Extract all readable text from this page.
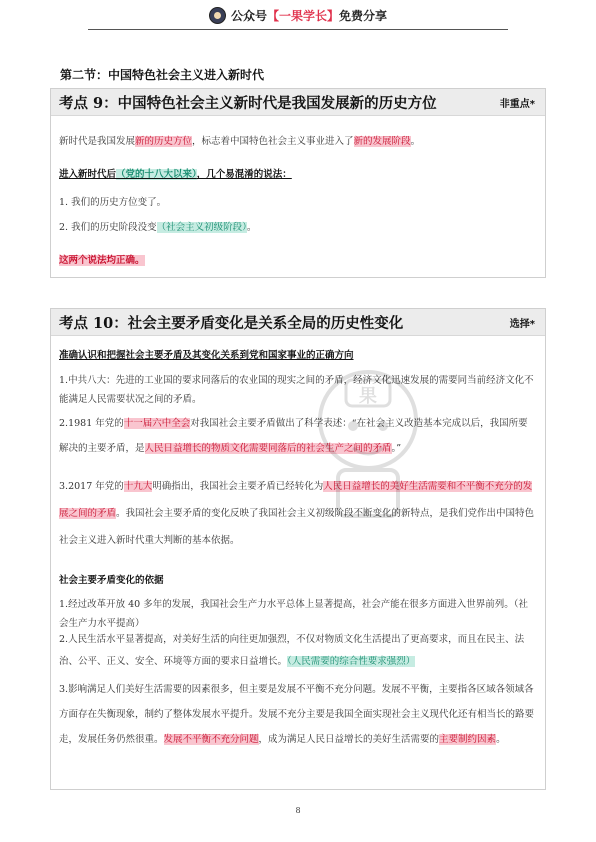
公众号 【 一果学长 】 免费分享
第二节：中国特色社会主义进入新时代
考点 9：中国特色社会主义新时代是我国发展新的历史方位	非重点*
新时代是我国发展新的历史方位，标志着中国特色社会主义事业进入了新的发展阶段。
进入新时代后（党的十八大以来），几个易混淆的说法：
1. 我们的历史方位变了。
2. 我们的历史阶段没变（社会主义初级阶段）。
这两个说法均正确。
考点 10：社会主要矛盾变化是关系全局的历史性变化	选择*
准确认识和把握社会主要矛盾及其变化关系到党和国家事业的正确方向
1.中共八大：先进的工业国的要求同落后的农业国的现实之间的矛盾，经济文化迅速发展的需要同当前经济文化不能满足人民需要状况之间的矛盾。
2.1981 年党的十一届六中全会对我国社会主要矛盾做出了科学表述：“在社会主义改造基本完成以后，我国所要解决的主要矛盾，是人民日益增长的物质文化需要同落后的社会生产之间的矛盾。”
3.2017 年党的十九大明确指出，我国社会主要矛盾已经转化为人民日益增长的美好生活需要和不平衡不充分的发展之间的矛盾。我国社会主要矛盾的变化反映了我国社会主义初级阶段不断变化的新特点，是我们党作出中国特色社会主义进入新时代重大判断的基本依据。
社会主要矛盾变化的依据
1.经过改革开放 40 多年的发展，我国社会生产力水平总体上显著提高，社会产能在很多方面进入世界前列。（社会生产力水平提高）
2.人民生活水平显著提高，对美好生活的向往更加强烈，不仅对物质文化生活提出了更高要求，而且在民主、法治、公平、正义、安全、环境等方面的要求日益增长。（人民需要的综合性要求强烈）
3.影响满足人们美好生活需要的因素很多，但主要是发展不平衡不充分问题。发展不平衡，主要指各区域各领域各方面存在失衡现象，制约了整体发展水平提升。发展不充分主要是我国全面实现社会主义现代化还有相当长的路要走，发展任务仍然很重。发展不平衡不充分问题，成为满足人民日益增长的美好生活需要的主要制约因素。
果
8
